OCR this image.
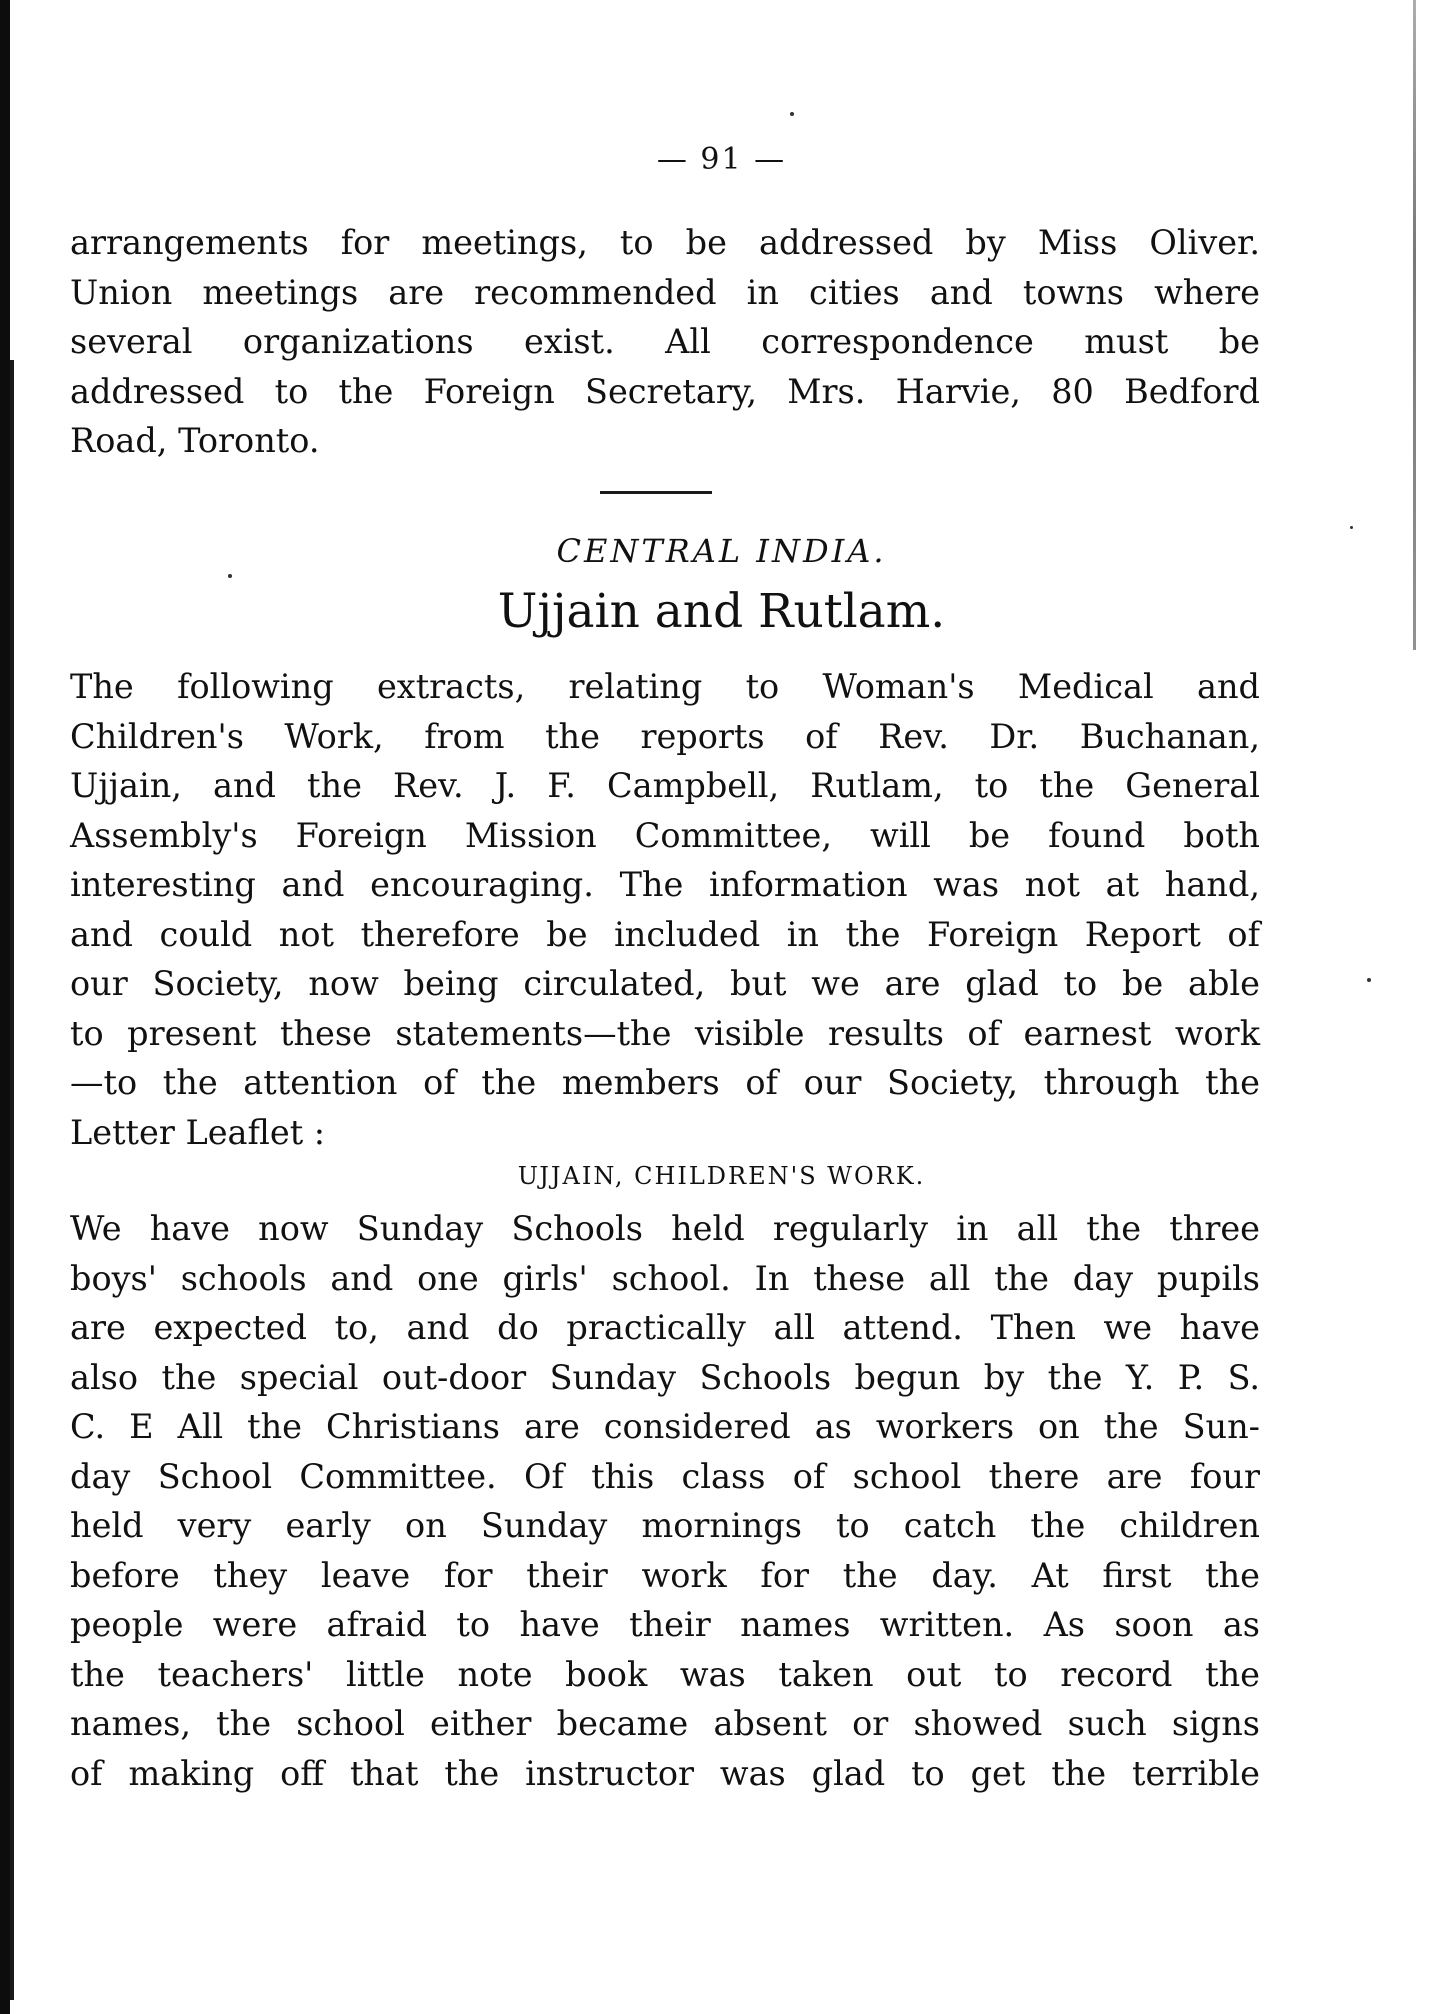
— 91 —
arrangements for meetings, to be addressed by Miss Oliver.
Union meetings are recommended in cities and towns where
several organizations exist. All correspondence must be
addressed to the Foreign Secretary, Mrs. Harvie, 80 Bedford
Road, Toronto.
CENTRAL INDIA.
Ujjain and Rutlam.
The following extracts, relating to Woman's Medical and
Children's Work, from the reports of Rev. Dr. Buchanan,
Ujjain, and the Rev. J. F. Campbell, Rutlam, to the General
Assembly's Foreign Mission Committee, will be found both
interesting and encouraging. The information was not at hand,
and could not therefore be included in the Foreign Report of
our Society, now being circulated, but we are glad to be able
to present these statements—the visible results of earnest work
—to the attention of the members of our Society, through the
Letter Leaflet :
UJJAIN, CHILDREN'S WORK.
We have now Sunday Schools held regularly in all the three
boys' schools and one girls' school. In these all the day pupils
are expected to, and do practically all attend. Then we have
also the special out-door Sunday Schools begun by the Y. P. S.
C. E All the Christians are considered as workers on the Sun-
day School Committee. Of this class of school there are four
held very early on Sunday mornings to catch the children
before they leave for their work for the day. At first the
people were afraid to have their names written. As soon as
the teachers' little note book was taken out to record the
names, the school either became absent or showed such signs
of making off that the instructor was glad to get the terrible
